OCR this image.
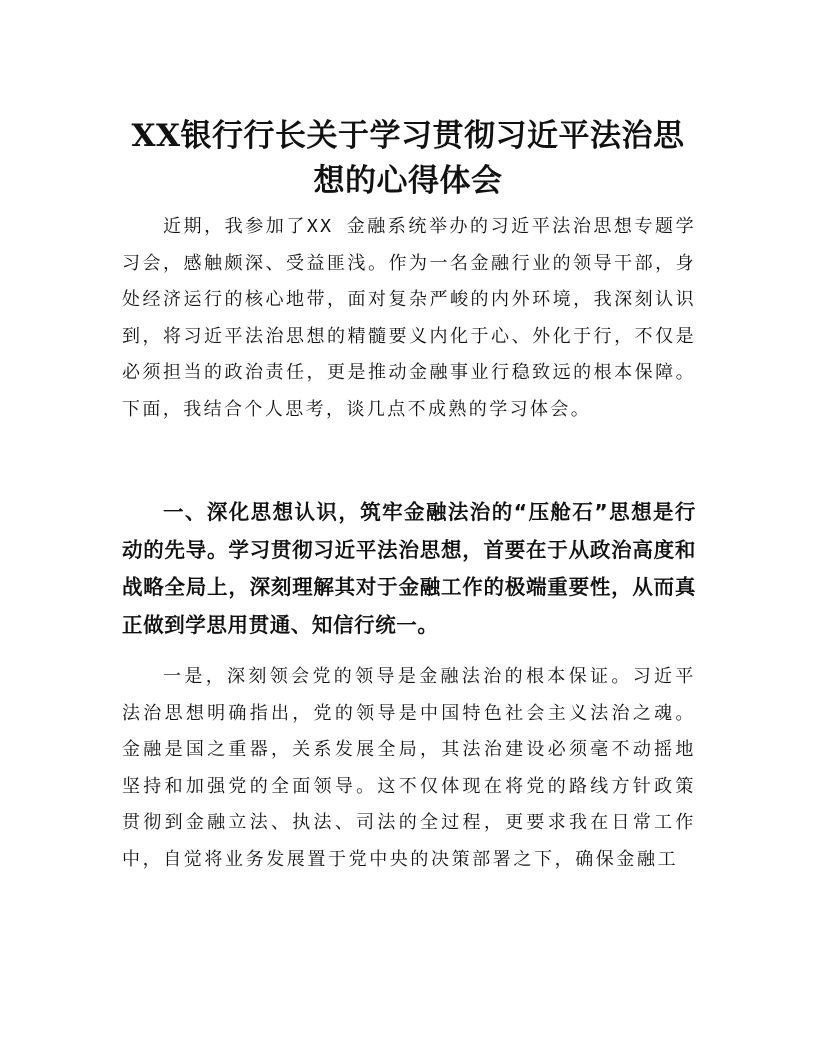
XX银行行长关于学习贯彻习近平法治思想的心得体会

近期，我参加了XX 金融系统举办的习近平法治思想专题学习会，感触颇深、受益匪浅。作为一名金融行业的领导干部，身处经济运行的核心地带，面对复杂严峻的内外环境，我深刻认识到，将习近平法治思想的精髓要义内化于心、外化于行，不仅是必须担当的政治责任，更是推动金融事业行稳致远的根本保障。下面，我结合个人思考，谈几点不成熟的学习体会。

一、深化思想认识，筑牢金融法治的“压舱石”思想是行动的先导。学习贯彻习近平法治思想，首要在于从政治高度和战略全局上，深刻理解其对于金融工作的极端重要性，从而真正做到学思用贯通、知信行统一。

一是，深刻领会党的领导是金融法治的根本保证。习近平法治思想明确指出，党的领导是中国特色社会主义法治之魂。金融是国之重器，关系发展全局，其法治建设必须毫不动摇地坚持和加强党的全面领导。这不仅体现在将党的路线方针政策贯彻到金融立法、执法、司法的全过程，更要求我在日常工作中，自觉将业务发展置于党中央的决策部署之下，确保金融工
